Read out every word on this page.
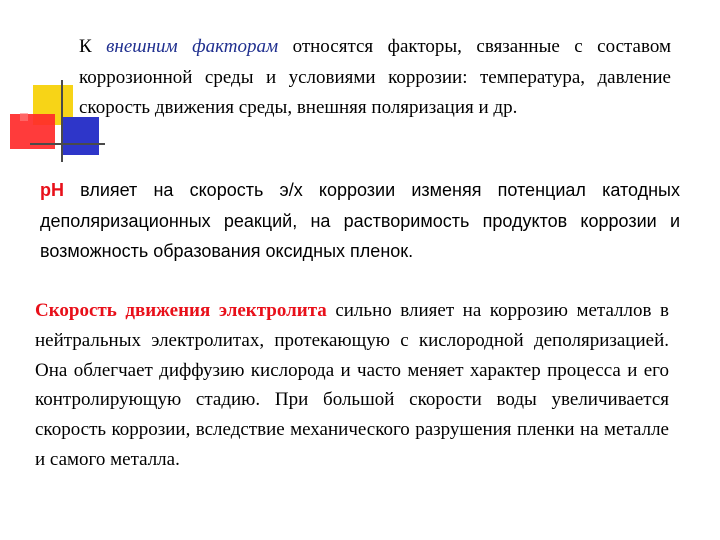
К внешним факторам относятся факторы, связанные с составом коррозионной среды и условиями коррозии: температура, давление скорость движения среды, внешняя поляризация и др.

pH влияет на скорость э/х коррозии изменяя потенциал катодных деполяризационных реакций, на растворимость продуктов коррозии и возможность образования оксидных пленок.

Скорость движения электролита сильно влияет на коррозию металлов в нейтральных электролитах, протекающую с кислородной деполяризацией. Она облегчает диффузию кислорода и часто меняет характер процесса и его контролирующую стадию. При большой скорости воды увеличивается скорость коррозии, вследствие механического разрушения пленки на металле и самого металла.
